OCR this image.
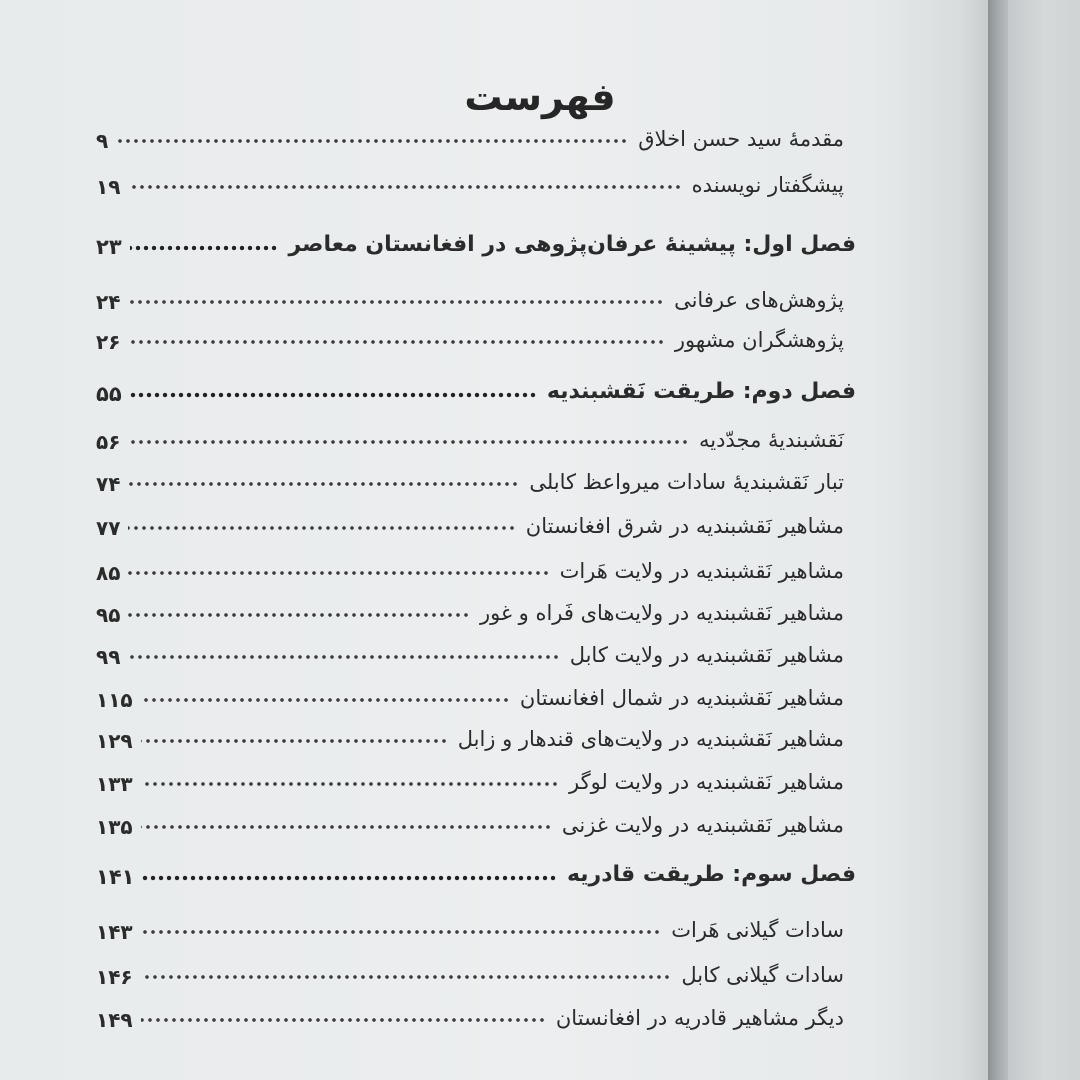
فهرست
مقدمهٔ سید حسن اخلاق
۹
پیشگفتار نویسنده
۱۹
فصل اول: پیشینهٔ عرفان‌پژوهی در افغانستان معاصر
۲۳
پژوهش‌های عرفانی
۲۴
پژوهشگران مشهور
۲۶
فصل دوم: طریقت نَقشبندیه
۵۵
نَقشبندیهٔ مجدّدیه
۵۶
تبار نَقشبندیهٔ سادات میرواعظ کابلی
۷۴
مشاهیر نَقشبندیه در شرق افغانستان
۷۷
مشاهیر نَقشبندیه در ولایت هَرات
۸۵
مشاهیر نَقشبندیه در ولایت‌های فَراه و غور
۹۵
مشاهیر نَقشبندیه در ولایت کابل
۹۹
مشاهیر نَقشبندیه در شمال افغانستان
۱۱۵
مشاهیر نَقشبندیه در ولایت‌های قندهار و زابل
۱۲۹
مشاهیر نَقشبندیه در ولایت لوگر
۱۳۳
مشاهیر نَقشبندیه در ولایت غزنی
۱۳۵
فصل سوم: طریقت قادریه
۱۴۱
سادات گیلانی هَرات
۱۴۳
سادات گیلانی کابل
۱۴۶
دیگر مشاهیر قادریه در افغانستان
۱۴۹
